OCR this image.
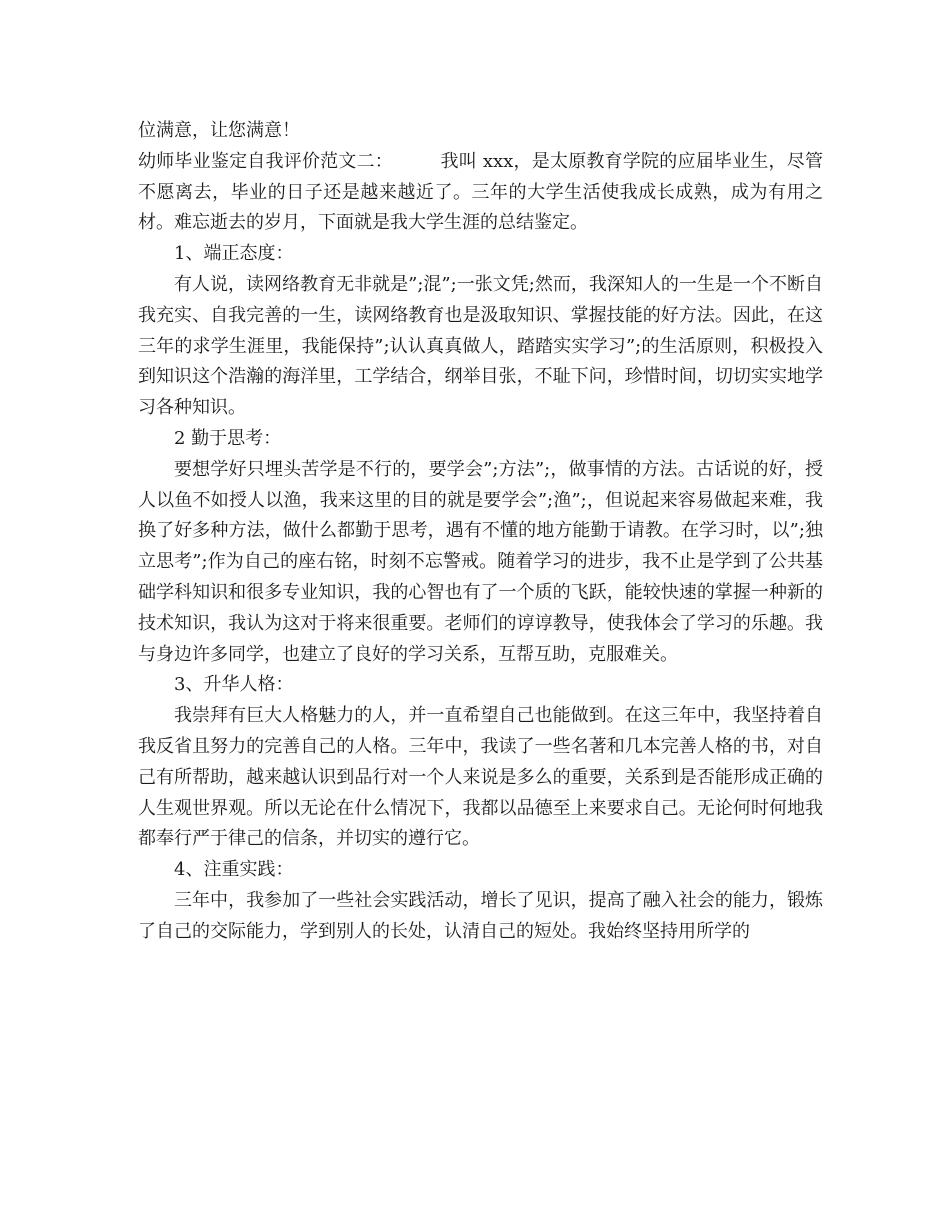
位满意，让您满意！

幼师毕业鉴定自我评价范文二：        我叫 xxx，是太原教育学院的应届毕业生，尽管不愿离去，毕业的日子还是越来越近了。三年的大学生活使我成长成熟，成为有用之材。难忘逝去的岁月，下面就是我大学生涯的总结鉴定。

1、端正态度：

有人说，读网络教育无非就是”;混”;一张文凭;然而，我深知人的一生是一个不断自我充实、自我完善的一生，读网络教育也是汲取知识、掌握技能的好方法。因此，在这三年的求学生涯里，我能保持”;认认真真做人，踏踏实实学习”;的生活原则，积极投入到知识这个浩瀚的海洋里，工学结合，纲举目张，不耻下问，珍惜时间，切切实实地学习各种知识。

2 勤于思考：

要想学好只埋头苦学是不行的，要学会”;方法”;，做事情的方法。古话说的好，授人以鱼不如授人以渔，我来这里的目的就是要学会”;渔”;，但说起来容易做起来难，我换了好多种方法，做什么都勤于思考，遇有不懂的地方能勤于请教。在学习时，以”;独立思考”;作为自己的座右铭，时刻不忘警戒。随着学习的进步，我不止是学到了公共基础学科知识和很多专业知识，我的心智也有了一个质的飞跃，能较快速的掌握一种新的技术知识，我认为这对于将来很重要。老师们的谆谆教导，使我体会了学习的乐趣。我与身边许多同学，也建立了良好的学习关系，互帮互助，克服难关。

3、升华人格：

我崇拜有巨大人格魅力的人，并一直希望自己也能做到。在这三年中，我坚持着自我反省且努力的完善自己的人格。三年中，我读了一些名著和几本完善人格的书，对自己有所帮助，越来越认识到品行对一个人来说是多么的重要，关系到是否能形成正确的人生观世界观。所以无论在什么情况下，我都以品德至上来要求自己。无论何时何地我都奉行严于律己的信条，并切实的遵行它。

4、注重实践：

三年中，我参加了一些社会实践活动，增长了见识，提高了融入社会的能力，锻炼了自己的交际能力，学到别人的长处，认清自己的短处。我始终坚持用所学的
